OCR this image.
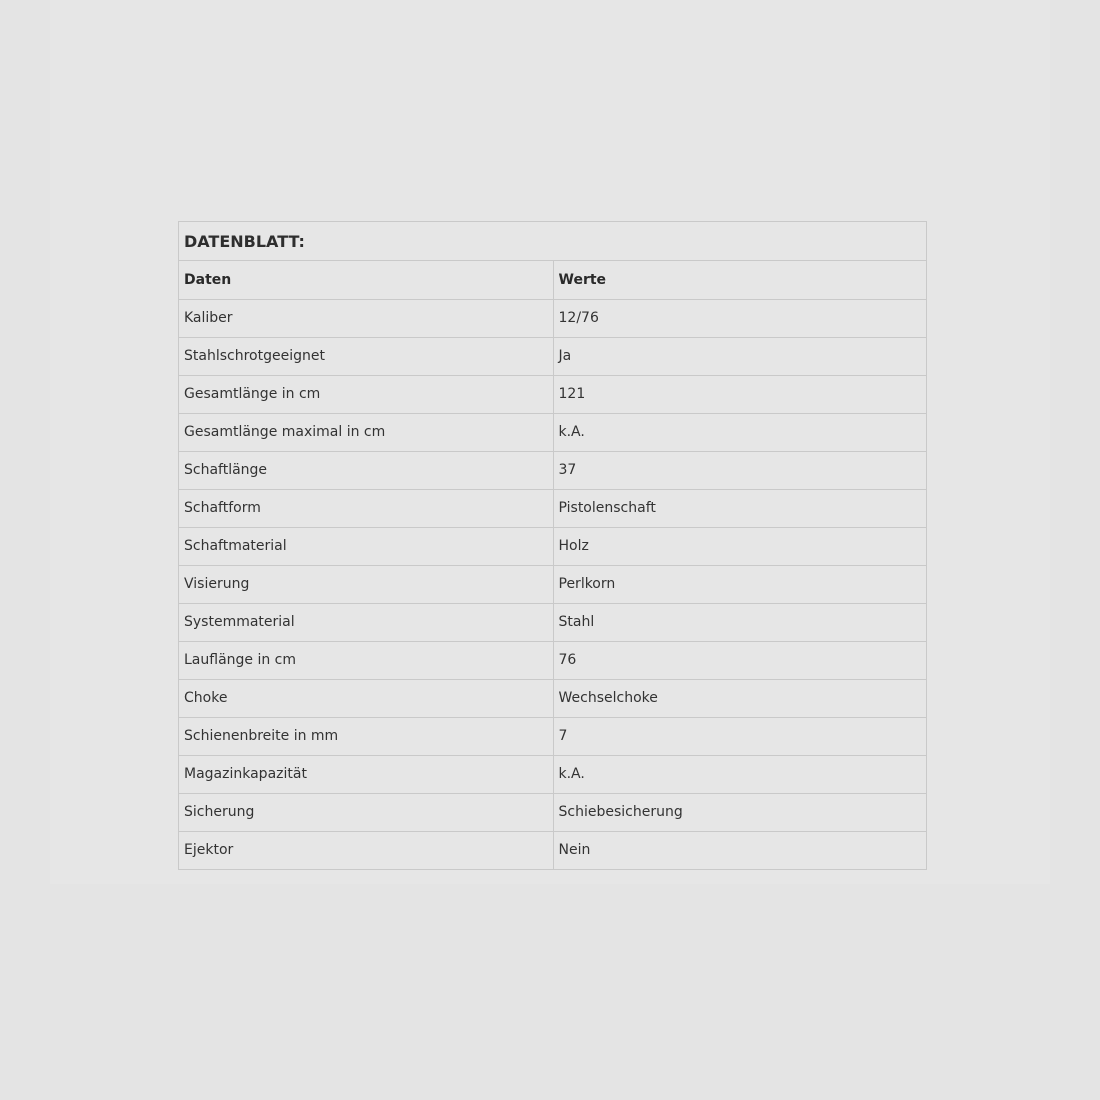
DATENBLATT:
Daten	Werte
Kaliber	12/76
Stahlschrotgeeignet	Ja
Gesamtlänge in cm	121
Gesamtlänge maximal in cm	k.A.
Schaftlänge	37
Schaftform	Pistolenschaft
Schaftmaterial	Holz
Visierung	Perlkorn
Systemmaterial	Stahl
Lauflänge in cm	76
Choke	Wechselchoke
Schienenbreite in mm	7
Magazinkapazität	k.A.
Sicherung	Schiebesicherung
Ejektor	Nein
